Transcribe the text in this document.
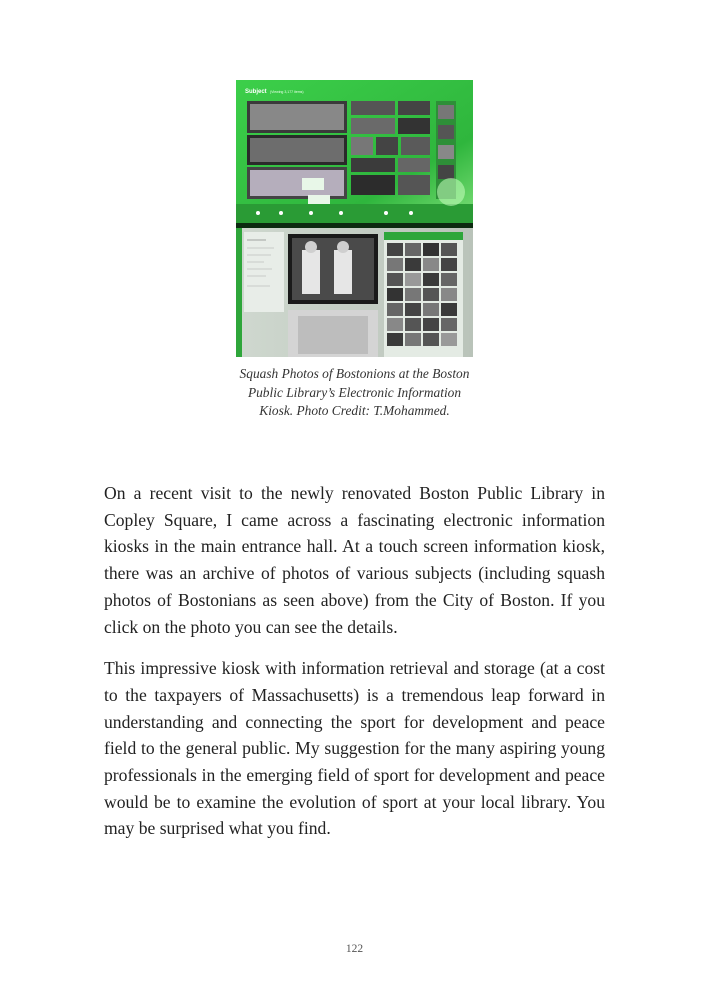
Subject (Viewing 3,177 items)
Squash Photos of Bostonions at the Boston Public Library’s Electronic Information Kiosk. Photo Credit: T.Mohammed.

On a recent visit to the newly renovated Boston Public Library in Copley Square, I came across a fascinating electronic information kiosks in the main entrance hall. At a touch screen information kiosk, there was an archive of photos of various subjects (including squash photos of Bostonians as seen above) from the City of Boston. If you click on the photo you can see the details.

This impressive kiosk with information retrieval and storage (at a cost to the taxpayers of Massachusetts) is a tremendous leap forward in understanding and connecting the sport for development and peace field to the general public. My suggestion for the many aspiring young professionals in the emerging field of sport for development and peace would be to examine the evolution of sport at your local library. You may be surprised what you find.

122
